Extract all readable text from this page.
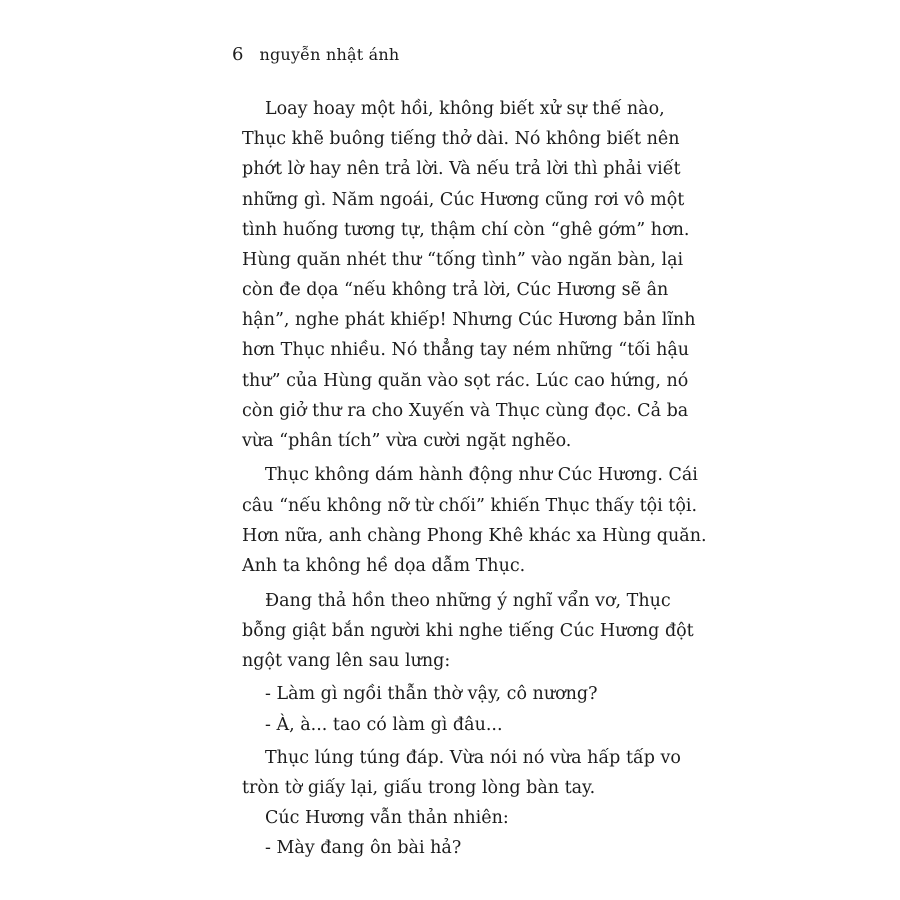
6 nguyễn nhật ánh
Loay hoay một hồi, không biết xử sự thế nào,
Thục khẽ buông tiếng thở dài. Nó không biết nên
phớt lờ hay nên trả lời. Và nếu trả lời thì phải viết
những gì. Năm ngoái, Cúc Hương cũng rơi vô một
tình huống tương tự, thậm chí còn “ghê gớm” hơn.
Hùng quăn nhét thư “tống tình” vào ngăn bàn, lại
còn đe dọa “nếu không trả lời, Cúc Hương sẽ ân
hận”, nghe phát khiếp! Nhưng Cúc Hương bản lĩnh
hơn Thục nhiều. Nó thẳng tay ném những “tối hậu
thư” của Hùng quăn vào sọt rác. Lúc cao hứng, nó
còn giở thư ra cho Xuyến và Thục cùng đọc. Cả ba
vừa “phân tích” vừa cười ngặt nghẽo.
Thục không dám hành động như Cúc Hương. Cái
câu “nếu không nỡ từ chối” khiến Thục thấy tội tội.
Hơn nữa, anh chàng Phong Khê khác xa Hùng quăn.
Anh ta không hề dọa dẫm Thục.
Đang thả hồn theo những ý nghĩ vẩn vơ, Thục
bỗng giật bắn người khi nghe tiếng Cúc Hương đột
ngột vang lên sau lưng:
- Làm gì ngồi thẫn thờ vậy, cô nương?
- À, à... tao có làm gì đâu...
Thục lúng túng đáp. Vừa nói nó vừa hấp tấp vo
tròn tờ giấy lại, giấu trong lòng bàn tay.
Cúc Hương vẫn thản nhiên:
- Mày đang ôn bài hả?
